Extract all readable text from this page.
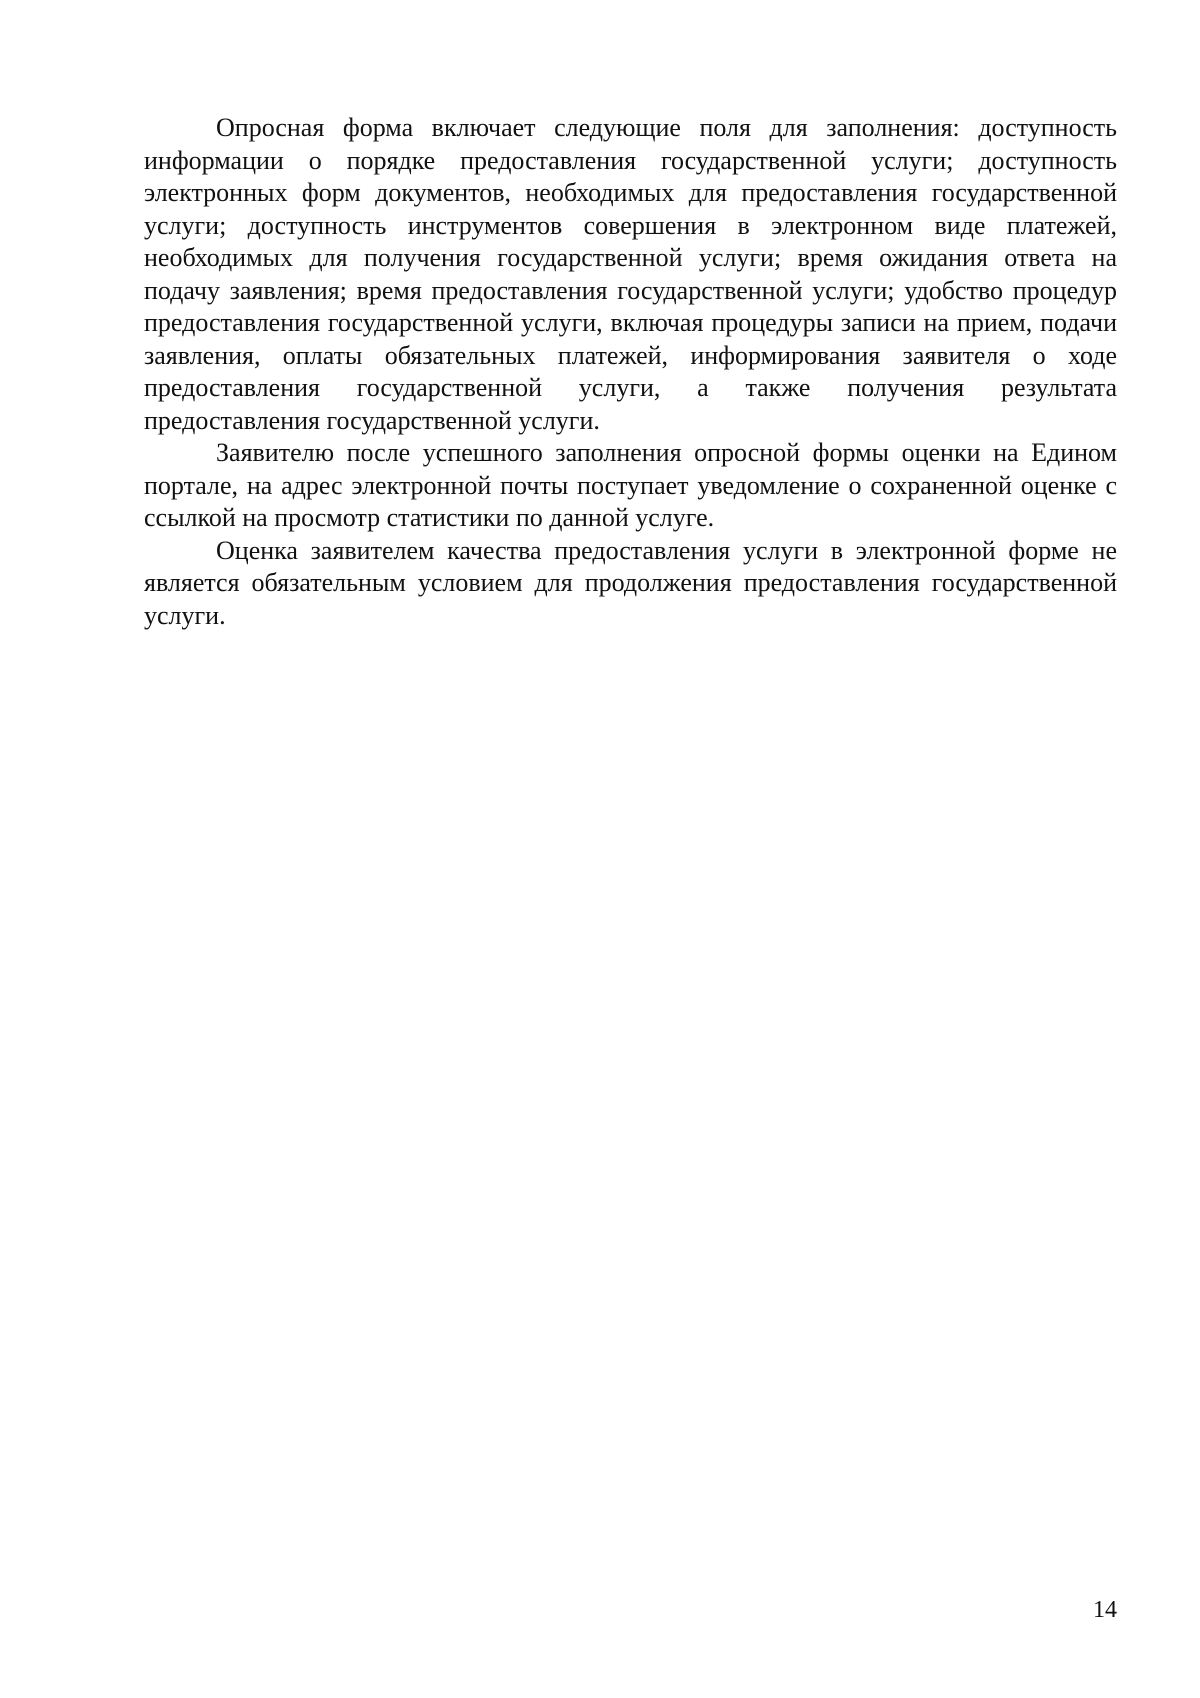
Опросная форма включает следующие поля для заполнения: доступность информации о порядке предоставления государственной услуги; доступность электронных форм документов, необходимых для предоставления государственной услуги; доступность инструментов совершения в электронном виде платежей, необходимых для получения государственной услуги; время ожидания ответа на подачу заявления; время предоставления государственной услуги; удобство процедур предоставления государственной услуги, включая процедуры записи на прием, подачи заявления, оплаты обязательных платежей, информирования заявителя о ходе предоставления государственной услуги, а также получения результата предоставления государственной услуги.

Заявителю после успешного заполнения опросной формы оценки на Едином портале, на адрес электронной почты поступает уведомление о сохраненной оценке с ссылкой на просмотр статистики по данной услуге.

Оценка заявителем качества предоставления услуги в электронной форме не является обязательным условием для продолжения предоставления государственной услуги.

14
